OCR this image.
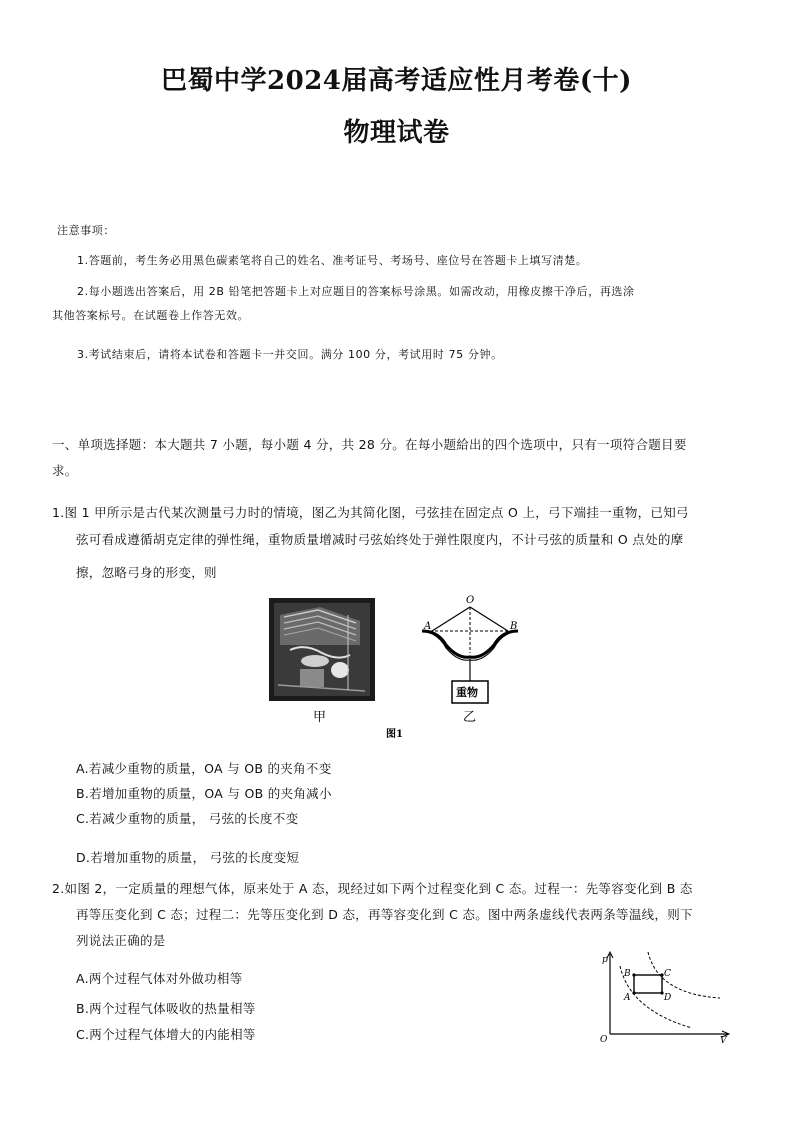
巴蜀中学2024届高考适应性月考卷(十)
物理试卷
注意事项：
1.答题前，考生务必用黑色碳素笔将自己的姓名、准考证号、考场号、座位号在答题卡上填写清楚。
2.每小题选出答案后，用 2B 铅笔把答题卡上对应题目的答案标号涂黑。如需改动，用橡皮擦干净后，再选涂
其他答案标号。在试题卷上作答无效。
3.考试结束后，请将本试卷和答题卡一并交回。满分 100 分，考试用时 75 分钟。
一、单项选择题：本大题共 7 小题，每小题 4 分，共 28 分。在每小题給出的四个选项中，只有一项符合题目要
求。
1.图 1 甲所示是古代某次测量弓力时的情境，图乙为其简化图，弓弦挂在固定点 O 上，弓下端挂一重物，已知弓
弦可看成遵循胡克定律的弹性绳，重物质量增减时弓弦始终处于弹性限度内，不计弓弦的质量和 O 点处的摩
擦，忽略弓身的形变，则
甲
O
A	B
重物
乙
图1
A.若减少重物的质量，OA 与 OB 的夹角不变
B.若增加重物的质量，OA 与 OB 的夹角减小
C.若减少重物的质量， 弓弦的长度不变
D.若增加重物的质量， 弓弦的长度变短
2.如图 2，一定质量的理想气体，原来处于 A 态，现经过如下两个过程变化到 C 态。过程一：先等容变化到 B 态
再等压变化到 C 态；过程二：先等压变化到 D 态，再等容变化到 C 态。图中两条虚线代表两条等温线，则下
列说法正确的是
A.两个过程气体对外做功相等
B.两个过程气体吸收的热量相等
C.两个过程气体增大的内能相等
p
V
O
B	C
A	D
